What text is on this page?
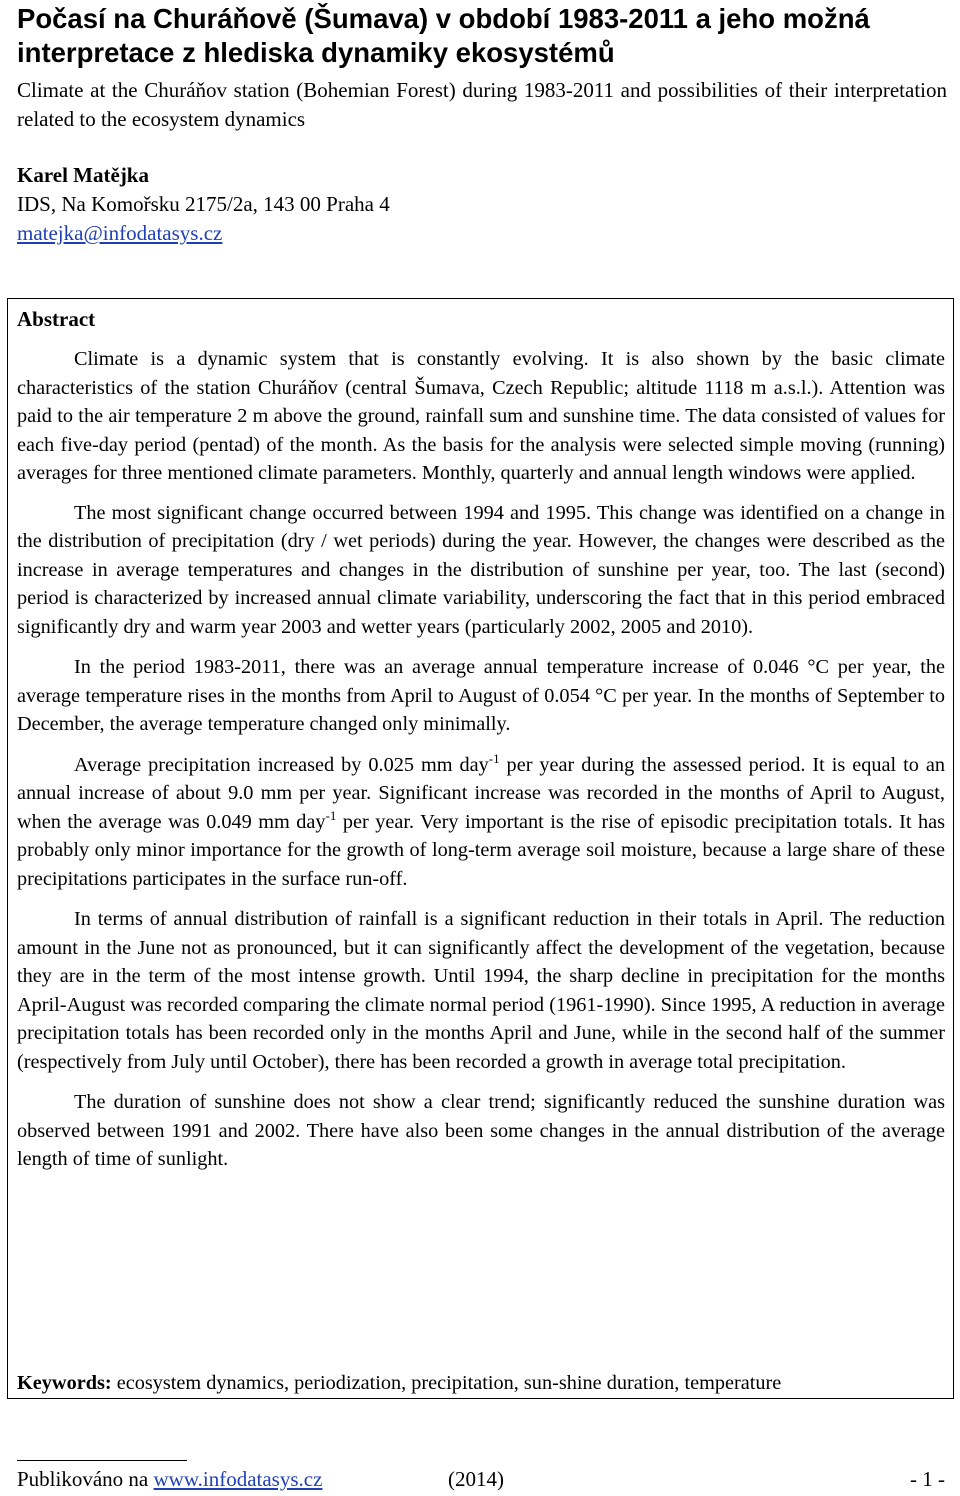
Počasí na Churáňově (Šumava) v období 1983-2011 a jeho možná interpretace z hlediska dynamiky ekosystémů

Climate at the Churáňov station (Bohemian Forest) during 1983-2011 and possibilities of their interpretation related to the ecosystem dynamics

Karel Matějka

IDS, Na Komořsku 2175/2a, 143 00 Praha 4

matejka@infodatasys.cz

Abstract

Climate is a dynamic system that is constantly evolving. It is also shown by the basic climate characteristics of the station Churáňov (central Šumava, Czech Republic; altitude 1118 m a.s.l.). Attention was paid to the air temperature 2 m above the ground, rainfall sum and sunshine time. The data consisted of values for each five-day period (pentad) of the month. As the basis for the analysis were selected simple moving (running) averages for three mentioned climate parameters. Monthly, quarterly and annual length windows were applied.

The most significant change occurred between 1994 and 1995. This change was identified on a change in the distribution of precipitation (dry / wet periods) during the year. However, the changes were described as the increase in average temperatures and changes in the distribution of sunshine per year, too. The last (second) period is characterized by increased annual climate variability, underscoring the fact that in this period embraced significantly dry and warm year 2003 and wetter years (particularly 2002, 2005 and 2010).

In the period 1983-2011, there was an average annual temperature increase of 0.046 °C per year, the average temperature rises in the months from April to August of 0.054 °C per year. In the months of September to December, the average temperature changed only minimally.

Average precipitation increased by 0.025 mm day$^{-1}$ per year during the assessed period. It is equal to an annual increase of about 9.0 mm per year. Significant increase was recorded in the months of April to August, when the average was 0.049 mm day$^{-1}$ per year. Very important is the rise of episodic precipitation totals. It has probably only minor importance for the growth of long-term average soil moisture, because a large share of these precipitations participates in the surface run-off.

In terms of annual distribution of rainfall is a significant reduction in their totals in April. The reduction amount in the June not as pronounced, but it can significantly affect the development of the vegetation, because they are in the term of the most intense growth. Until 1994, the sharp decline in precipitation for the months April-August was recorded comparing the climate normal period (1961-1990). Since 1995, A reduction in average precipitation totals has been recorded only in the months April and June, while in the second half of the summer (respectively from July until October), there has been recorded a growth in average total precipitation.

The duration of sunshine does not show a clear trend; significantly reduced the sunshine duration was observed between 1991 and 2002. There have also been some changes in the annual distribution of the average length of time of sunlight.

Keywords: ecosystem dynamics, periodization, precipitation, sun-shine duration, temperature

Publikováno na www.infodatasys.cz	(2014)	- 1 -
